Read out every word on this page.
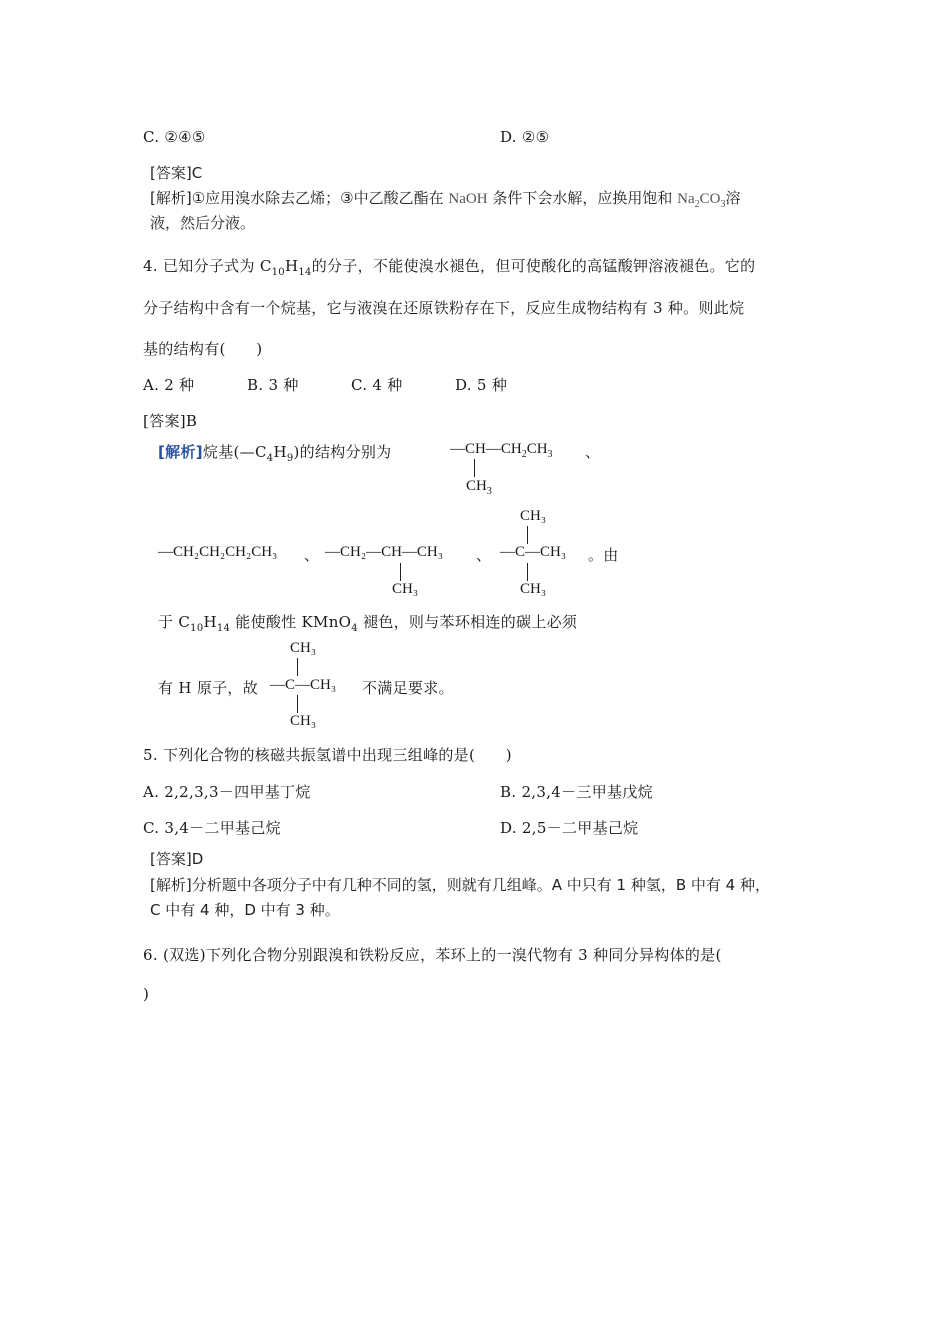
C. ②④⑤	D. ②⑤
[答案]C
[解析]①应用溴水除去乙烯；③中乙酸乙酯在 NaOH 条件下会水解，应换用饱和 $Na_2CO_3$溶
液，然后分液。
4. 已知分子式为 $C_{10}H_{14}$的分子，不能使溴水褪色，但可使酸化的高锰酸钾溶液褪色。它的
分子结构中含有一个烷基，它与液溴在还原铁粉存在下，反应生成物结构有 3 种。则此烷
基的结构有(　　)
A. 2 种	B. 3 种	C. 4 种	D. 5 种
[答案]B
[解析]烷基$(—C_4H_9)$的结构分别为	$—CH—CH_2CH_3$
$CH_3$
、
—CH₂CH₂CH₂CH₃ 、 —CH₂—CH—CH₃
CH₃
、
CH₃
—C—CH₃
CH₃
。由
于 $C_{10}H_{14}$ 能使酸性 KMnO$_4$ 褪色，则与苯环相连的碳上必须
CH₃
有 H 原子，故 —C—CH₃
CH₃
不满足要求。
5. 下列化合物的核磁共振氢谱中出现三组峰的是(　　)
A. 2,2,3,3－四甲基丁烷	B. 2,3,4－三甲基戊烷
C. 3,4－二甲基己烷	D. 2,5－二甲基己烷
[答案]D
[解析]分析题中各项分子中有几种不同的氢，则就有几组峰。A 中只有 1 种氢，B 中有 4 种，
C 中有 4 种，D 中有 3 种。
6. (双选)下列化合物分别跟溴和铁粉反应，苯环上的一溴代物有 3 种同分异构体的是(
)
